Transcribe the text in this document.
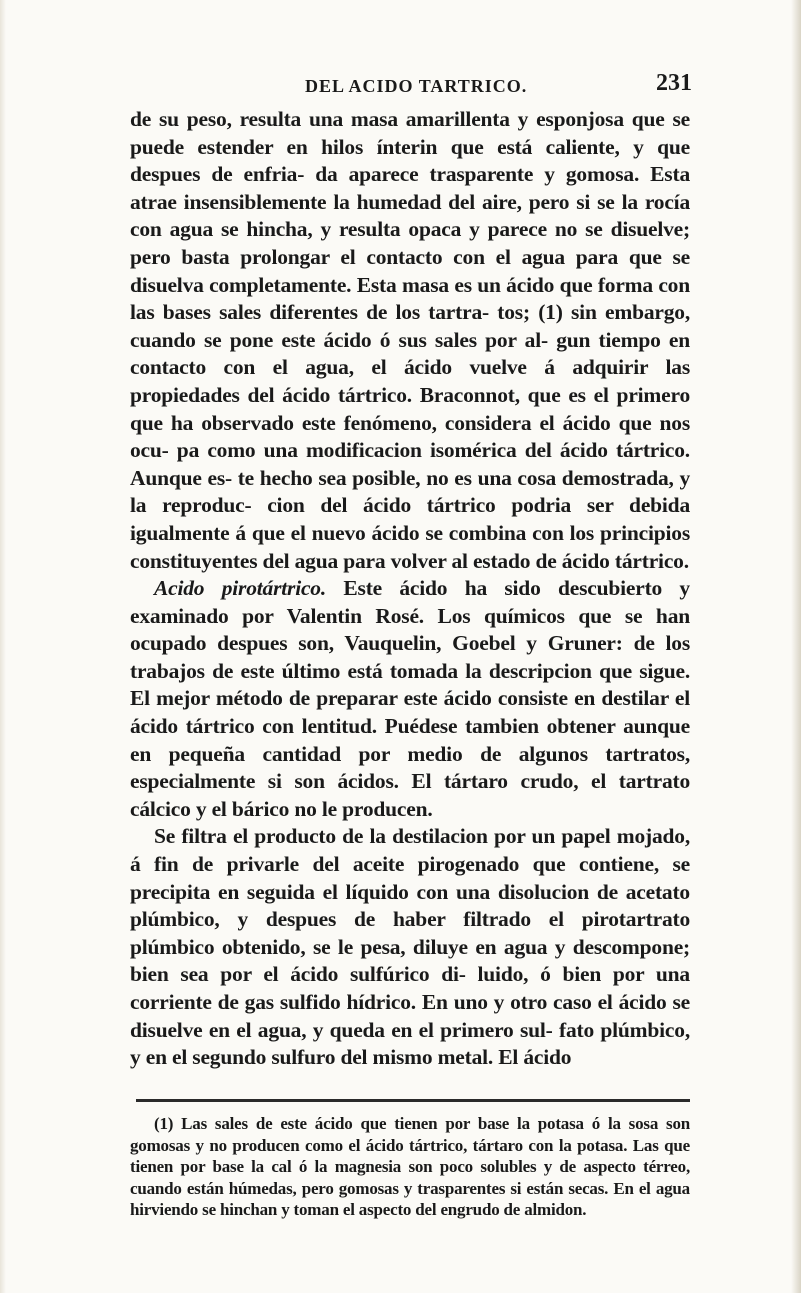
DEL ACIDO TARTRICO.	231

de su peso, resulta una masa amarillenta y esponjosa que se puede estender en hilos ínterin que está caliente, y que despues de enfria- da aparece trasparente y gomosa. Esta atrae insensiblemente la humedad del aire, pero si se la rocía con agua se hincha, y resulta opaca y parece no se disuelve; pero basta prolongar el contacto con el agua para que se disuelva completamente. Esta masa es un ácido que forma con las bases sales diferentes de los tartra- tos; (1) sin embargo, cuando se pone este ácido ó sus sales por al- gun tiempo en contacto con el agua, el ácido vuelve á adquirir las propiedades del ácido tártrico. Braconnot, que es el primero que ha observado este fenómeno, considera el ácido que nos ocu- pa como una modificacion isomérica del ácido tártrico. Aunque es- te hecho sea posible, no es una cosa demostrada, y la reproduc- cion del ácido tártrico podria ser debida igualmente á que el nuevo ácido se combina con los principios constituyentes del agua para volver al estado de ácido tártrico.

Acido pirotártrico. Este ácido ha sido descubierto y examinado por Valentin Rosé. Los químicos que se han ocupado despues son, Vauquelin, Goebel y Gruner: de los trabajos de este último está tomada la descripcion que sigue. El mejor método de preparar este ácido consiste en destilar el ácido tártrico con lentitud. Puédese tambien obtener aunque en pequeña cantidad por medio de algunos tartratos, especialmente si son ácidos. El tártaro crudo, el tartrato cálcico y el bárico no le producen.

Se filtra el producto de la destilacion por un papel mojado, á fin de privarle del aceite pirogenado que contiene, se precipita en seguida el líquido con una disolucion de acetato plúmbico, y despues de haber filtrado el pirotartrato plúmbico obtenido, se le pesa, diluye en agua y descompone; bien sea por el ácido sulfúrico di- luido, ó bien por una corriente de gas sulfido hídrico. En uno y otro caso el ácido se disuelve en el agua, y queda en el primero sul- fato plúmbico, y en el segundo sulfuro del mismo metal. El ácido

(1) Las sales de este ácido que tienen por base la potasa ó la sosa son gomosas y no producen como el ácido tártrico, tártaro con la potasa. Las que tienen por base la cal ó la magnesia son poco solubles y de aspecto térreo, cuando están húmedas, pero gomosas y trasparentes si están secas. En el agua hirviendo se hinchan y toman el aspecto del engrudo de almidon.
